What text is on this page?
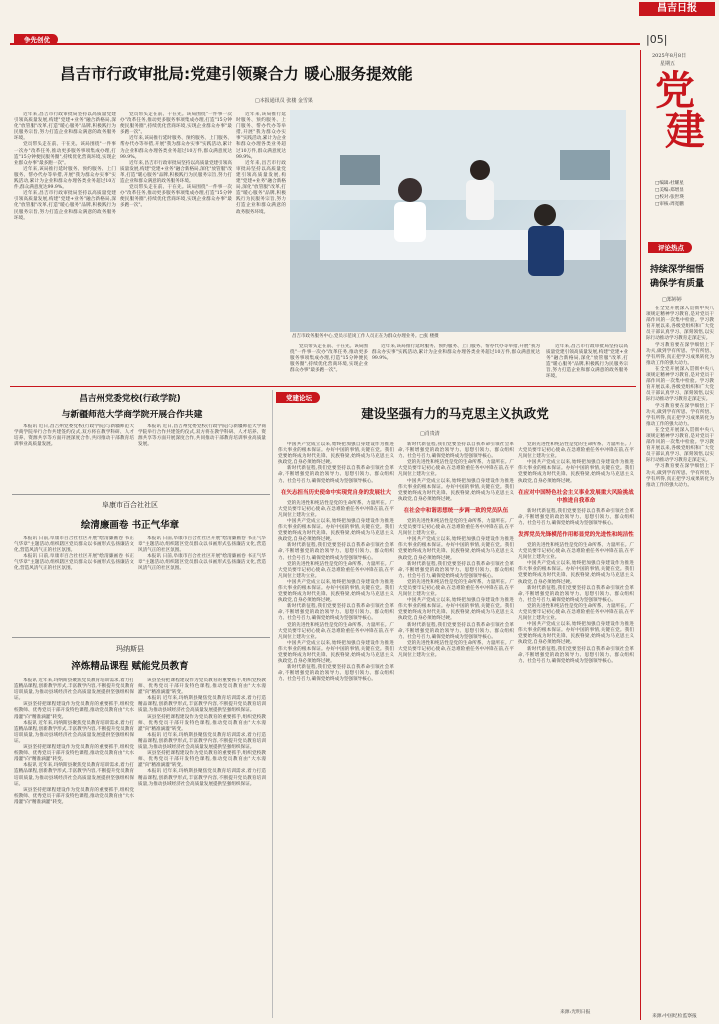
昌吉日报
|05|
2025年8月8日
星期五
争先创优
党
建
□编辑:杜耀星
□美编:郑增显
□校对:张世瑛
□审核:周宽鹏
评论热点
持续深学细悟
确保学有质量
□郑婷婷

在全党开展深入贯彻中央八项规定精神学习教育,是对党员干部作风的一次集中检验。学习教育开展以来,各级党组织和广大党员干部认真学习、深刻领悟,以实际行动推动学习教育走深走实。

学习教育要在深学细悟上下功夫,做到学有所思、学有所悟、学有所得,真正把学习成果转化为推动工作的强大动力。

在全党开展深入贯彻中央八项规定精神学习教育,是对党员干部作风的一次集中检验。学习教育开展以来,各级党组织和广大党员干部认真学习、深刻领悟,以实际行动推动学习教育走深走实。

学习教育要在深学细悟上下功夫,做到学有所思、学有所悟、学有所得,真正把学习成果转化为推动工作的强大动力。

在全党开展深入贯彻中央八项规定精神学习教育,是对党员干部作风的一次集中检验。学习教育开展以来,各级党组织和广大党员干部认真学习、深刻领悟,以实际行动推动学习教育走深走实。

学习教育要在深学细悟上下功夫,做到学有所思、学有所悟、学有所得,真正把学习成果转化为推动工作的强大动力。

来源:中国纪检监察报
昌吉市行政审批局:党建引领聚合力 暖心服务提效能
□本报通讯员 张楼 金雪果

近年来,昌吉市行政审批局坚持以高质量党建引领高质量发展,构建"党建+业务"融合新格局,深化"放管服"改革,打造"暖心服务"品牌,积极践行为民服务宗旨,努力打造企业和群众满意的政务服务环境。

党员带头走在前、干在先。该局围绕"一件事一次办"改革任务,推动更多服务事项集成办理,打造"15分钟便民服务圈",持续优化营商环境,实现企业群众办事"最多跑一次"。

近年来,该局推行延时服务、预约服务、上门服务、帮办代办等举措,开展"我为群众办实事"实践活动,累计为企业和群众办理各类业务超过10万件,群众满意度达99.9%。

近年来,昌吉市行政审批局坚持以高质量党建引领高质量发展,构建"党建+业务"融合新格局,深化"放管服"改革,打造"暖心服务"品牌,积极践行为民服务宗旨,努力打造企业和群众满意的政务服务环境。

党员带头走在前、干在先。该局围绕"一件事一次办"改革任务,推动更多服务事项集成办理,打造"15分钟便民服务圈",持续优化营商环境,实现企业群众办事"最多跑一次"。

近年来,该局推行延时服务、预约服务、上门服务、帮办代办等举措,开展"我为群众办实事"实践活动,累计为企业和群众办理各类业务超过10万件,群众满意度达99.9%。

近年来,昌吉市行政审批局坚持以高质量党建引领高质量发展,构建"党建+业务"融合新格局,深化"放管服"改革,打造"暖心服务"品牌,积极践行为民服务宗旨,努力打造企业和群众满意的政务服务环境。

党员带头走在前、干在先。该局围绕"一件事一次办"改革任务,推动更多服务事项集成办理,打造"15分钟便民服务圈",持续优化营商环境,实现企业群众办事"最多跑一次"。

近年来,该局推行延时服务、预约服务、上门服务、帮办代办等举措,开展"我为群众办实事"实践活动,累计为企业和群众办理各类业务超过10万件,群众满意度达99.9%。

近年来,昌吉市行政审批局坚持以高质量党建引领高质量发展,构建"党建+业务"融合新格局,深化"放管服"改革,打造"暖心服务"品牌,积极践行为民服务宗旨,努力打造企业和群众满意的政务服务环境。

昌吉市政务服务中心,党员示范岗工作人员正在为群众办理业务。□张 楼摄

党员带头走在前、干在先。该局围绕"一件事一次办"改革任务,推动更多服务事项集成办理,打造"15分钟便民服务圈",持续优化营商环境,实现企业群众办事"最多跑一次"。

近年来,该局推行延时服务、预约服务、上门服务、帮办代办等举措,开展"我为群众办实事"实践活动,累计为企业和群众办理各类业务超过10万件,群众满意度达99.9%。

近年来,昌吉市行政审批局坚持以高质量党建引领高质量发展,构建"党建+业务"融合新格局,深化"放管服"改革,打造"暖心服务"品牌,积极践行为民服务宗旨,努力打造企业和群众满意的政务服务环境。

昌吉州党委党校(行政学院)
与新疆师范大学商学院开展合作共建

本报讯 近日,昌吉州党委党校(行政学院)与新疆师范大学商学院举行合作共建签约仪式,双方将在教学科研、人才培养、资源共享等方面开展深度合作,共同推动干部教育培训事业高质量发展。

本报讯 近日,昌吉州党委党校(行政学院)与新疆师范大学商学院举行合作共建签约仪式,双方将在教学科研、人才培养、资源共享等方面开展深度合作,共同推动干部教育培训事业高质量发展。

阜康市百合社社区
绘清廉画卷 书正气华章

本报讯 日前,阜康市百合社社区开展"绘清廉画卷 书正气华章"主题活动,组织辖区党员群众以书画形式弘扬廉洁文化,营造风清气正的社区氛围。

本报讯 日前,阜康市百合社社区开展"绘清廉画卷 书正气华章"主题活动,组织辖区党员群众以书画形式弘扬廉洁文化,营造风清气正的社区氛围。

本报讯 日前,阜康市百合社社区开展"绘清廉画卷 书正气华章"主题活动,组织辖区党员群众以书画形式弘扬廉洁文化,营造风清气正的社区氛围。

本报讯 日前,阜康市百合社社区开展"绘清廉画卷 书正气华章"主题活动,组织辖区党员群众以书画形式弘扬廉洁文化,营造风清气正的社区氛围。

玛纳斯县
淬炼精品课程 赋能党员教育

本报讯 近年来,玛纳斯县聚焦党员教育培训需求,着力打造精品课程,创新教学形式,丰富教学内容,不断提升党员教育培训质量,为推动县域经济社会高质量发展提供坚强组织保证。

该县坚持把课程建设作为党员教育的重要抓手,组织党校教师、优秀党员干部开发特色课程,推动党员教育由"大水漫灌"向"精准滴灌"转变。

本报讯 近年来,玛纳斯县聚焦党员教育培训需求,着力打造精品课程,创新教学形式,丰富教学内容,不断提升党员教育培训质量,为推动县域经济社会高质量发展提供坚强组织保证。

该县坚持把课程建设作为党员教育的重要抓手,组织党校教师、优秀党员干部开发特色课程,推动党员教育由"大水漫灌"向"精准滴灌"转变。

本报讯 近年来,玛纳斯县聚焦党员教育培训需求,着力打造精品课程,创新教学形式,丰富教学内容,不断提升党员教育培训质量,为推动县域经济社会高质量发展提供坚强组织保证。

该县坚持把课程建设作为党员教育的重要抓手,组织党校教师、优秀党员干部开发特色课程,推动党员教育由"大水漫灌"向"精准滴灌"转变。

该县坚持把课程建设作为党员教育的重要抓手,组织党校教师、优秀党员干部开发特色课程,推动党员教育由"大水漫灌"向"精准滴灌"转变。

本报讯 近年来,玛纳斯县聚焦党员教育培训需求,着力打造精品课程,创新教学形式,丰富教学内容,不断提升党员教育培训质量,为推动县域经济社会高质量发展提供坚强组织保证。

该县坚持把课程建设作为党员教育的重要抓手,组织党校教师、优秀党员干部开发特色课程,推动党员教育由"大水漫灌"向"精准滴灌"转变。

本报讯 近年来,玛纳斯县聚焦党员教育培训需求,着力打造精品课程,创新教学形式,丰富教学内容,不断提升党员教育培训质量,为推动县域经济社会高质量发展提供坚强组织保证。

该县坚持把课程建设作为党员教育的重要抓手,组织党校教师、优秀党员干部开发特色课程,推动党员教育由"大水漫灌"向"精准滴灌"转变。

本报讯 近年来,玛纳斯县聚焦党员教育培训需求,着力打造精品课程,创新教学形式,丰富教学内容,不断提升党员教育培训质量,为推动县域经济社会高质量发展提供坚强组织保证。

党建论坛
建设坚强有力的马克思主义执政党
□肖贵清

中国共产党成立以来,始终把加强自身建设作为推进伟大事业的根本保证。办好中国的事情,关键在党。我们党要始终成为时代先锋、民族脊梁,始终成为马克思主义执政党,自身必须始终过硬。

新时代新征程,我们党要坚持以自我革命引领社会革命,不断增强党的政治领导力、思想引领力、群众组织力、社会号召力,确保党始终成为坚强领导核心。

在矢志担当历史使命中实现党自身的发展壮大

党的先进性和纯洁性是党的生命所系、力量所在。广大党员要牢记初心使命,在急难险重任务中冲锋在前,在平凡岗位上建功立业。

中国共产党成立以来,始终把加强自身建设作为推进伟大事业的根本保证。办好中国的事情,关键在党。我们党要始终成为时代先锋、民族脊梁,始终成为马克思主义执政党,自身必须始终过硬。

新时代新征程,我们党要坚持以自我革命引领社会革命,不断增强党的政治领导力、思想引领力、群众组织力、社会号召力,确保党始终成为坚强领导核心。

党的先进性和纯洁性是党的生命所系、力量所在。广大党员要牢记初心使命,在急难险重任务中冲锋在前,在平凡岗位上建功立业。

中国共产党成立以来,始终把加强自身建设作为推进伟大事业的根本保证。办好中国的事情,关键在党。我们党要始终成为时代先锋、民族脊梁,始终成为马克思主义执政党,自身必须始终过硬。

新时代新征程,我们党要坚持以自我革命引领社会革命,不断增强党的政治领导力、思想引领力、群众组织力、社会号召力,确保党始终成为坚强领导核心。

党的先进性和纯洁性是党的生命所系、力量所在。广大党员要牢记初心使命,在急难险重任务中冲锋在前,在平凡岗位上建功立业。

中国共产党成立以来,始终把加强自身建设作为推进伟大事业的根本保证。办好中国的事情,关键在党。我们党要始终成为时代先锋、民族脊梁,始终成为马克思主义执政党,自身必须始终过硬。

新时代新征程,我们党要坚持以自我革命引领社会革命,不断增强党的政治领导力、思想引领力、群众组织力、社会号召力,确保党始终成为坚强领导核心。

新时代新征程,我们党要坚持以自我革命引领社会革命,不断增强党的政治领导力、思想引领力、群众组织力、社会号召力,确保党始终成为坚强领导核心。

党的先进性和纯洁性是党的生命所系、力量所在。广大党员要牢记初心使命,在急难险重任务中冲锋在前,在平凡岗位上建功立业。

中国共产党成立以来,始终把加强自身建设作为推进伟大事业的根本保证。办好中国的事情,关键在党。我们党要始终成为时代先锋、民族脊梁,始终成为马克思主义执政党,自身必须始终过硬。

在社会中和谐思想统一步调一致的党员队伍

党的先进性和纯洁性是党的生命所系、力量所在。广大党员要牢记初心使命,在急难险重任务中冲锋在前,在平凡岗位上建功立业。

中国共产党成立以来,始终把加强自身建设作为推进伟大事业的根本保证。办好中国的事情,关键在党。我们党要始终成为时代先锋、民族脊梁,始终成为马克思主义执政党,自身必须始终过硬。

新时代新征程,我们党要坚持以自我革命引领社会革命,不断增强党的政治领导力、思想引领力、群众组织力、社会号召力,确保党始终成为坚强领导核心。

党的先进性和纯洁性是党的生命所系、力量所在。广大党员要牢记初心使命,在急难险重任务中冲锋在前,在平凡岗位上建功立业。

中国共产党成立以来,始终把加强自身建设作为推进伟大事业的根本保证。办好中国的事情,关键在党。我们党要始终成为时代先锋、民族脊梁,始终成为马克思主义执政党,自身必须始终过硬。

新时代新征程,我们党要坚持以自我革命引领社会革命,不断增强党的政治领导力、思想引领力、群众组织力、社会号召力,确保党始终成为坚强领导核心。

党的先进性和纯洁性是党的生命所系、力量所在。广大党员要牢记初心使命,在急难险重任务中冲锋在前,在平凡岗位上建功立业。

党的先进性和纯洁性是党的生命所系、力量所在。广大党员要牢记初心使命,在急难险重任务中冲锋在前,在平凡岗位上建功立业。

中国共产党成立以来,始终把加强自身建设作为推进伟大事业的根本保证。办好中国的事情,关键在党。我们党要始终成为时代先锋、民族脊梁,始终成为马克思主义执政党,自身必须始终过硬。

在应对中国特色社会主义事业发展重大风险挑战中推进自我革命

新时代新征程,我们党要坚持以自我革命引领社会革命,不断增强党的政治领导力、思想引领力、群众组织力、社会号召力,确保党始终成为坚强领导核心。

发挥党员先锋模范作用彰显党的先进性和纯洁性

党的先进性和纯洁性是党的生命所系、力量所在。广大党员要牢记初心使命,在急难险重任务中冲锋在前,在平凡岗位上建功立业。

中国共产党成立以来,始终把加强自身建设作为推进伟大事业的根本保证。办好中国的事情,关键在党。我们党要始终成为时代先锋、民族脊梁,始终成为马克思主义执政党,自身必须始终过硬。

新时代新征程,我们党要坚持以自我革命引领社会革命,不断增强党的政治领导力、思想引领力、群众组织力、社会号召力,确保党始终成为坚强领导核心。

党的先进性和纯洁性是党的生命所系、力量所在。广大党员要牢记初心使命,在急难险重任务中冲锋在前,在平凡岗位上建功立业。

中国共产党成立以来,始终把加强自身建设作为推进伟大事业的根本保证。办好中国的事情,关键在党。我们党要始终成为时代先锋、民族脊梁,始终成为马克思主义执政党,自身必须始终过硬。

新时代新征程,我们党要坚持以自我革命引领社会革命,不断增强党的政治领导力、思想引领力、群众组织力、社会号召力,确保党始终成为坚强领导核心。

来源:光明日报
